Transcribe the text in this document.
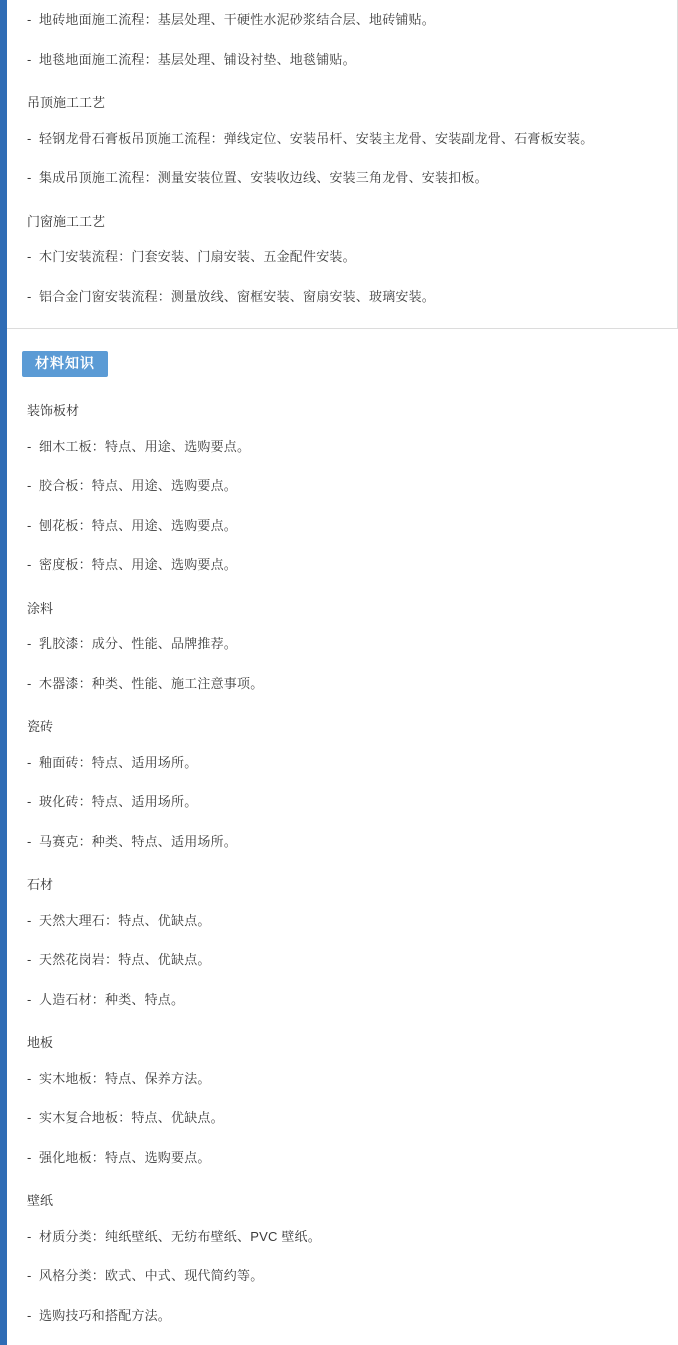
- 地砖地面施工流程：基层处理、干硬性水泥砂浆结合层、地砖铺贴。
- 地毯地面施工流程：基层处理、铺设衬垫、地毯铺贴。
吊顶施工工艺
- 轻钢龙骨石膏板吊顶施工流程：弹线定位、安装吊杆、安装主龙骨、安装副龙骨、石膏板安装。
- 集成吊顶施工流程：测量安装位置、安装收边线、安装三角龙骨、安装扣板。
门窗施工工艺
- 木门安装流程：门套安装、门扇安装、五金配件安装。
- 铝合金门窗安装流程：测量放线、窗框安装、窗扇安装、玻璃安装。
材料知识
装饰板材
- 细木工板：特点、用途、选购要点。
- 胶合板：特点、用途、选购要点。
- 刨花板：特点、用途、选购要点。
- 密度板：特点、用途、选购要点。
涂料
- 乳胶漆：成分、性能、品牌推荐。
- 木器漆：种类、性能、施工注意事项。
瓷砖
- 釉面砖：特点、适用场所。
- 玻化砖：特点、适用场所。
- 马赛克：种类、特点、适用场所。
石材
- 天然大理石：特点、优缺点。
- 天然花岗岩：特点、优缺点。
- 人造石材：种类、特点。
地板
- 实木地板：特点、保养方法。
- 实木复合地板：特点、优缺点。
- 强化地板：特点、选购要点。
壁纸
- 材质分类：纯纸壁纸、无纺布壁纸、PVC 壁纸。
- 风格分类：欧式、中式、现代简约等。
- 选购技巧和搭配方法。
